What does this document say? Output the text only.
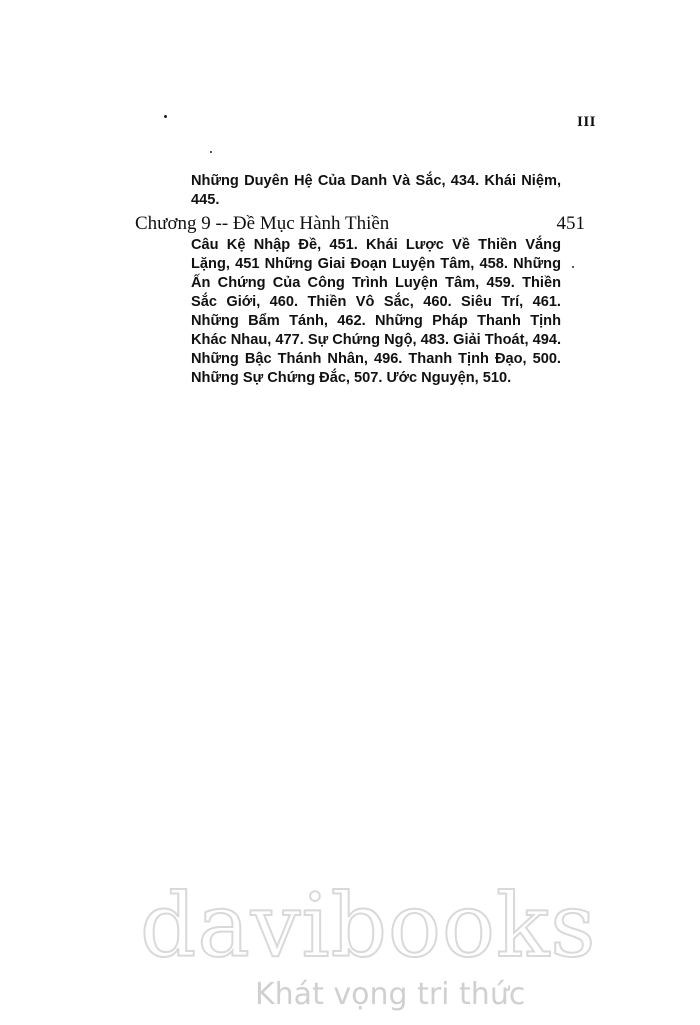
III

Những Duyên Hệ Của Danh Và Sắc, 434. Khái Niệm, 445.

Chương 9 -- Đề Mục Hành Thiền	451

Câu Kệ Nhập Đề, 451. Khái Lược Về Thiền Vắng Lặng, 451 Những Giai Đoạn Luyện Tâm, 458. Những Ấn Chứng Của Công Trình Luyện Tâm, 459. Thiền Sắc Giới, 460. Thiền Vô Sắc, 460. Siêu Trí, 461. Những Bẩm Tánh, 462. Những Pháp Thanh Tịnh Khác Nhau, 477. Sự Chứng Ngộ, 483. Giải Thoát, 494. Những Bậc Thánh Nhân, 496. Thanh Tịnh Đạo, 500. Những Sự Chứng Đắc, 507. Ước Nguyện, 510.

davibooks
Khát vọng tri thức
